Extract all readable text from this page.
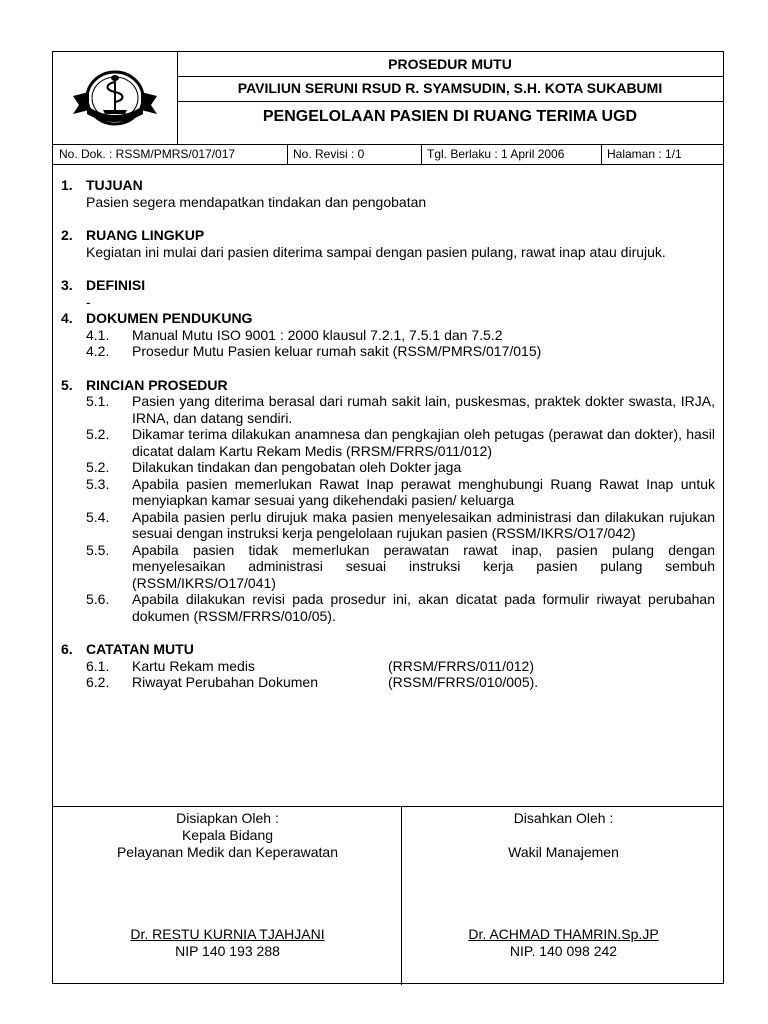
PROSEDUR MUTU
PAVILIUN SERUNI RSUD R. SYAMSUDIN, S.H. KOTA SUKABUMI
PENGELOLAAN PASIEN DI RUANG TERIMA UGD
No. Dok. : RSSM/PMRS/017/017	No. Revisi : 0	Tgl. Berlaku : 1 April 2006	Halaman : 1/1
1. TUJUAN
Pasien segera mendapatkan tindakan dan pengobatan
2. RUANG LINGKUP
Kegiatan ini mulai dari pasien diterima sampai dengan pasien pulang, rawat inap atau dirujuk.
3. DEFINISI
-
4. DOKUMEN PENDUKUNG
4.1.	Manual Mutu ISO 9001 : 2000 klausul 7.2.1, 7.5.1 dan 7.5.2
4.2.	Prosedur Mutu Pasien keluar rumah sakit (RSSM/PMRS/017/015)
5. RINCIAN PROSEDUR
5.1.	Pasien yang diterima berasal dari rumah sakit lain, puskesmas, praktek dokter swasta, IRJA, IRNA, dan datang sendiri.
5.2.	Dikamar terima dilakukan anamnesa dan pengkajian oleh petugas (perawat dan dokter), hasil dicatat dalam Kartu Rekam Medis (RRSM/FRRS/011/012)
5.2.	Dilakukan tindakan dan pengobatan oleh Dokter jaga
5.3.	Apabila pasien memerlukan Rawat Inap perawat menghubungi Ruang Rawat Inap untuk menyiapkan kamar sesuai yang dikehendaki pasien/ keluarga
5.4.	Apabila pasien perlu dirujuk maka pasien menyelesaikan administrasi dan dilakukan rujukan sesuai dengan instruksi kerja pengelolaan rujukan pasien (RSSM/IKRS/O17/042)
5.5.	Apabila pasien tidak memerlukan perawatan rawat inap, pasien pulang dengan menyelesaikan administrasi sesuai instruksi kerja pasien pulang sembuh (RSSM/IKRS/O17/041)
5.6.	Apabila dilakukan revisi pada prosedur ini, akan dicatat pada formulir riwayat perubahan dokumen (RSSM/FRRS/010/05).
6. CATATAN MUTU
6.1.	Kartu Rekam medis	(RRSM/FRRS/011/012)
6.2.	Riwayat Perubahan Dokumen	(RSSM/FRRS/010/005).
Disiapkan Oleh :
Kepala Bidang
Pelayanan Medik dan Keperawatan
Dr. RESTU KURNIA TJAHJANI
NIP 140 193 288
Disahkan Oleh :
Wakil Manajemen
Dr. ACHMAD THAMRIN.Sp.JP
NIP. 140 098 242
